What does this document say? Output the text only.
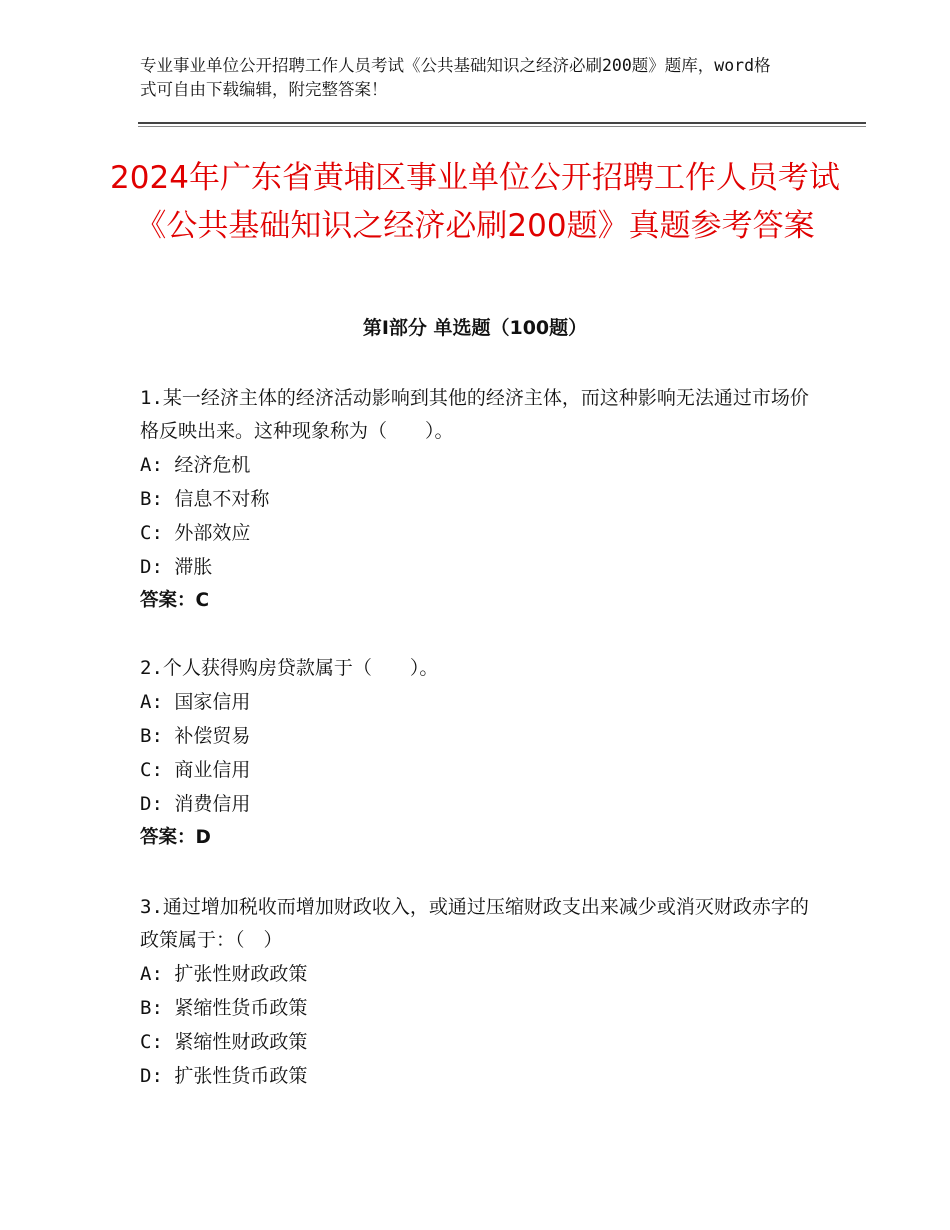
专业事业单位公开招聘工作人员考试《公共基础知识之经济必刷200题》题库，word格式可自由下载编辑，附完整答案！
2024年广东省黄埔区事业单位公开招聘工作人员考试《公共基础知识之经济必刷200题》真题参考答案
第Ⅰ部分 单选题（100题）
1.某一经济主体的经济活动影响到其他的经济主体，而这种影响无法通过市场价格反映出来。这种现象称为（　　）。
A: 经济危机
B: 信息不对称
C: 外部效应
D: 滞胀
答案：C
2.个人获得购房贷款属于（　　）。
A: 国家信用
B: 补偿贸易
C: 商业信用
D: 消费信用
答案：D
3.通过增加税收而增加财政收入，或通过压缩财政支出来减少或消灭财政赤字的政策属于：（　）
A: 扩张性财政政策
B: 紧缩性货币政策
C: 紧缩性财政政策
D: 扩张性货币政策
